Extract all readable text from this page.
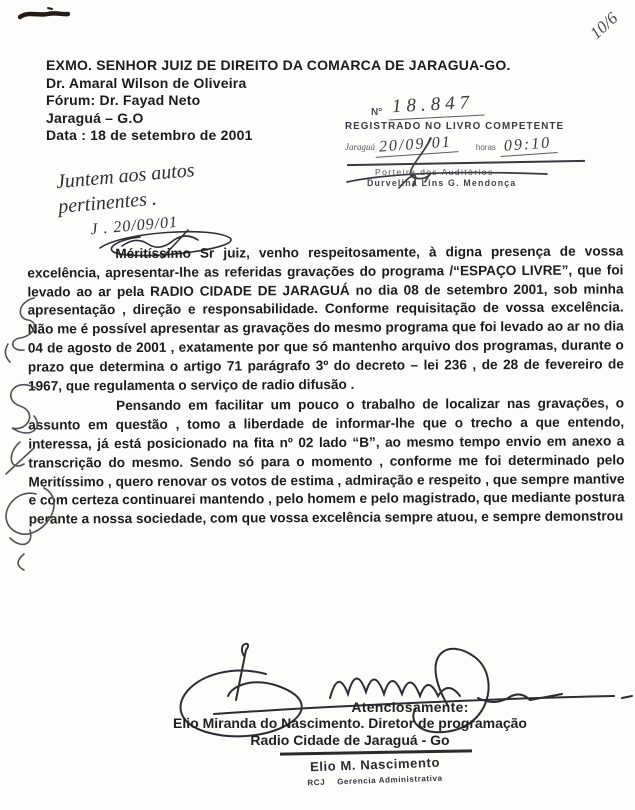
10/6
EXMO. SENHOR JUIZ DE DIREITO DA COMARCA DE JARAGUA-GO.
Dr. Amaral Wilson de Oliveira
Fórum: Dr. Fayad Neto
Jaraguá – G.O
Data : 18 de setembro de 2001
N° 18.847
REGISTRADO NO LIVRO COMPETENTE
Jaraguá 20/09/01	horas 09:10
Porteira dos Auditórios
Durvelina Lins G. Mendonça
Juntem aos autos
pertinentes .
J . 20/09/01

Méritíssimo Sr juiz, venho respeitosamente, à digna presença de vossa excelência, apresentar-lhe as referidas gravações do programa /“ESPAÇO LIVRE”, que foi levado ao ar pela RADIO CIDADE DE JARAGUÁ no dia 08 de setembro 2001, sob minha apresentação , direção e responsabilidade. Conforme requisitação de vossa excelência. Não me é possível apresentar as gravações do mesmo programa que foi levado ao ar no dia 04 de agosto de 2001 , exatamente por que só mantenho arquivo dos programas, durante o prazo que determina o artigo 71 parágrafo 3º do decreto – lei 236 , de 28 de fevereiro de 1967, que regulamenta o serviço de radio difusão .

Pensando em facilitar um pouco o trabalho de localizar nas gravações, o assunto em questão , tomo a liberdade de informar-lhe que o trecho a que entendo, interessa, já está posicionado na fita nº 02 lado “B”, ao mesmo tempo envio em anexo a transcrição do mesmo. Sendo só para o momento , conforme me foi determinado pelo Meritíssimo , quero renovar os votos de estima , admiração e respeito , que sempre mantive e com certeza continuarei mantendo , pelo homem e pelo magistrado, que mediante postura perante a nossa sociedade, com que vossa excelência sempre atuou, e sempre demonstrou

Atenciosamente:
Elio Miranda do Nascimento. Diretor de programação
Radio Cidade de Jaraguá - Go
Elio M. Nascimento
RCJ Gerencia Administrativa
